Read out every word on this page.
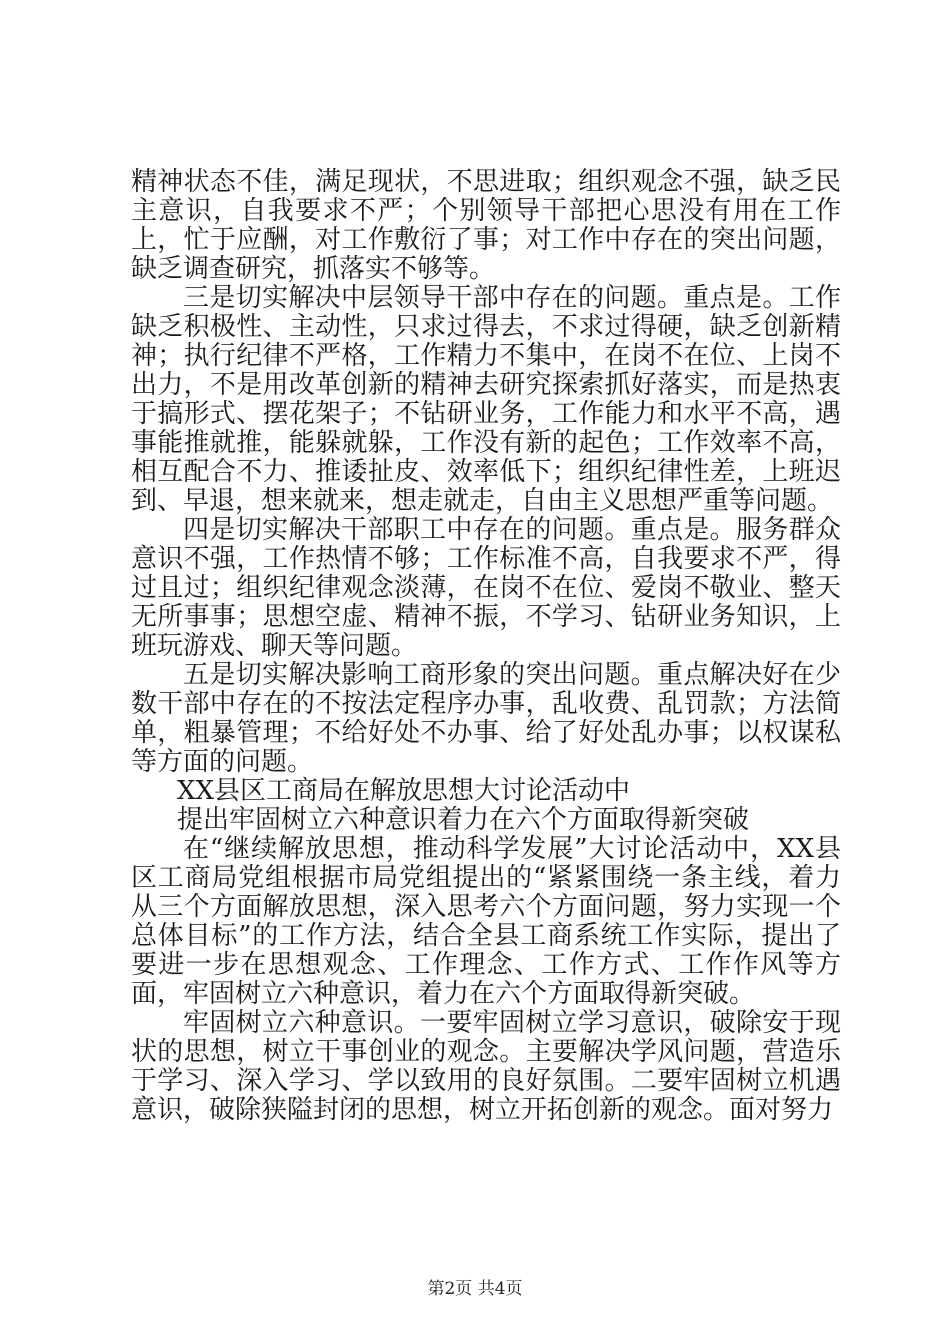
精神状态不佳，满足现状，不思进取；组织观念不强，缺乏民主意识，自我要求不严；个别领导干部把心思没有用在工作上，忙于应酬，对工作敷衍了事；对工作中存在的突出问题，缺乏调查研究，抓落实不够等。

三是切实解决中层领导干部中存在的问题。重点是。工作缺乏积极性、主动性，只求过得去，不求过得硬，缺乏创新精神；执行纪律不严格，工作精力不集中，在岗不在位、上岗不出力，不是用改革创新的精神去研究探索抓好落实，而是热衷于搞形式、摆花架子；不钻研业务，工作能力和水平不高，遇事能推就推，能躲就躲，工作没有新的起色；工作效率不高，相互配合不力、推诿扯皮、效率低下；组织纪律性差，上班迟到、早退，想来就来，想走就走，自由主义思想严重等问题。

四是切实解决干部职工中存在的问题。重点是。服务群众意识不强，工作热情不够；工作标准不高，自我要求不严，得过且过；组织纪律观念淡薄，在岗不在位、爱岗不敬业、整天无所事事；思想空虚、精神不振，不学习、钻研业务知识，上班玩游戏、聊天等问题。

五是切实解决影响工商形象的突出问题。重点解决好在少数干部中存在的不按法定程序办事，乱收费、乱罚款；方法简单，粗暴管理；不给好处不办事、给了好处乱办事；以权谋私等方面的问题。

XX县区工商局在解放思想大讨论活动中

提出牢固树立六种意识着力在六个方面取得新突破

在“继续解放思想，推动科学发展”大讨论活动中，XX县区工商局党组根据市局党组提出的“紧紧围绕一条主线，着力从三个方面解放思想，深入思考六个方面问题，努力实现一个总体目标”的工作方法，结合全县工商系统工作实际，提出了要进一步在思想观念、工作理念、工作方式、工作作风等方面，牢固树立六种意识，着力在六个方面取得新突破。

牢固树立六种意识。一要牢固树立学习意识，破除安于现状的思想，树立干事创业的观念。主要解决学风问题，营造乐于学习、深入学习、学以致用的良好氛围。二要牢固树立机遇意识，破除狭隘封闭的思想，树立开拓创新的观念。面对努力

第2页 共4页
